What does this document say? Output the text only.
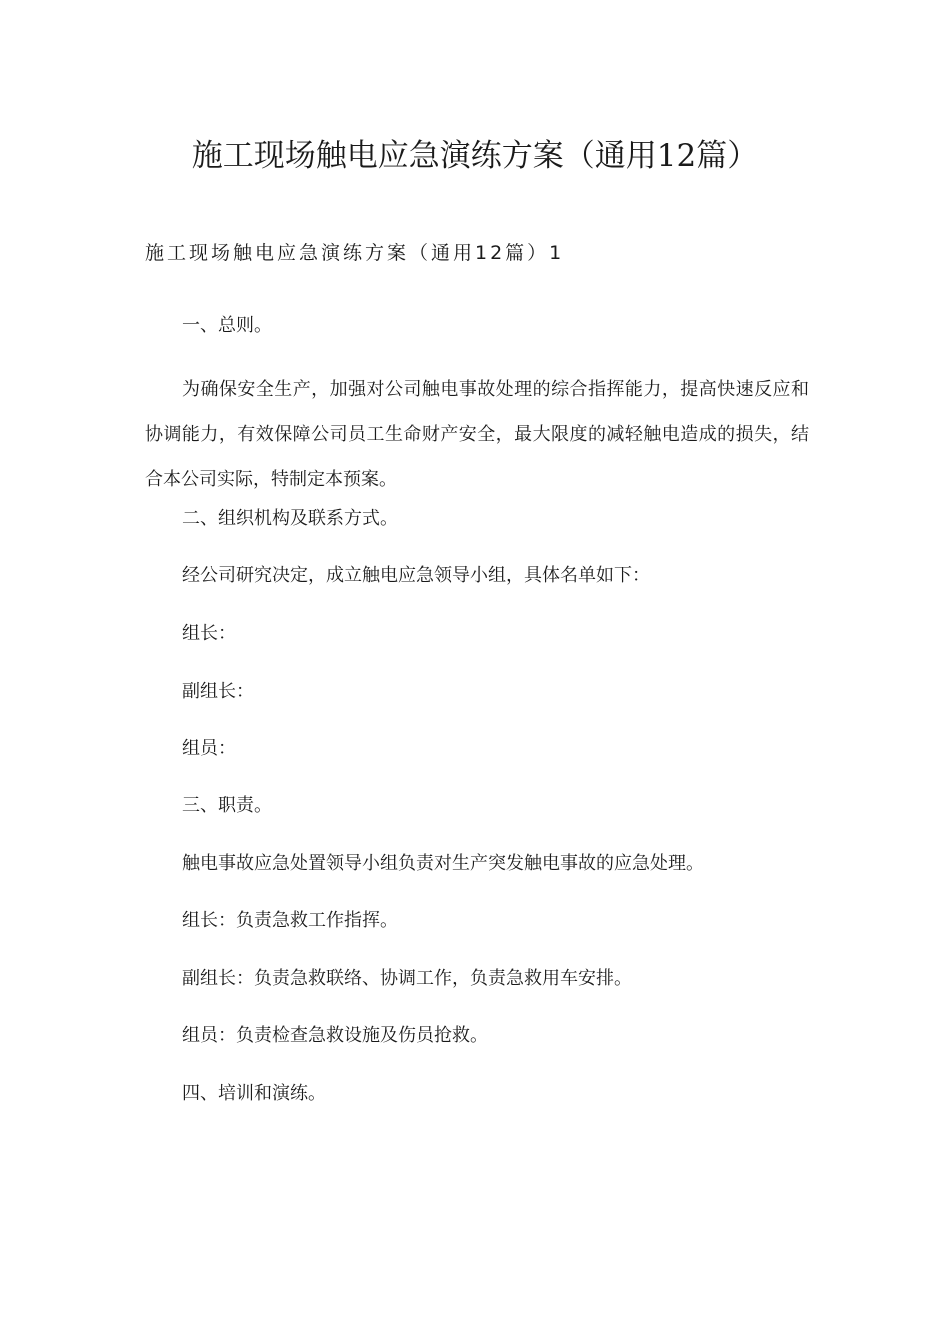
施工现场触电应急演练方案（通用12篇）
施工现场触电应急演练方案（通用12篇）1

一、总则。

为确保安全生产，加强对公司触电事故处理的综合指挥能力，提高快速反应和协调能力，有效保障公司员工生命财产安全，最大限度的减轻触电造成的损失，结合本公司实际，特制定本预案。

二、组织机构及联系方式。

经公司研究决定，成立触电应急领导小组，具体名单如下：

组长：

副组长：

组员：

三、职责。

触电事故应急处置领导小组负责对生产突发触电事故的应急处理。

组长：负责急救工作指挥。

副组长：负责急救联络、协调工作，负责急救用车安排。

组员：负责检查急救设施及伤员抢救。

四、培训和演练。
